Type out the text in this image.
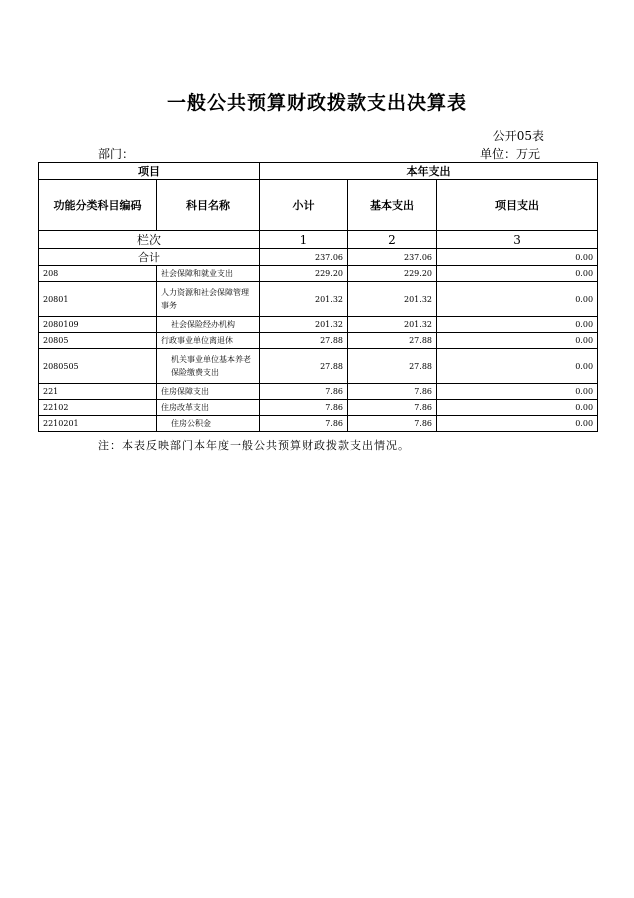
一般公共预算财政拨款支出决算表
公开05表
部门：	单位：万元
项目		本年支出		
功能分类科目编码	科目名称	小计	基本支出	项目支出
栏次		1	2	3
合计		237.06	237.06	0.00
208	社会保障和就业支出	229.20	229.20	0.00
20801	人力资源和社会保障管理事务	201.32	201.32	0.00
2080109	社会保险经办机构	201.32	201.32	0.00
20805	行政事业单位离退休	27.88	27.88	0.00
2080505	机关事业单位基本养老保险缴费支出	27.88	27.88	0.00
221	住房保障支出	7.86	7.86	0.00
22102	住房改革支出	7.86	7.86	0.00
2210201	住房公积金	7.86	7.86	0.00
注：本表反映部门本年度一般公共预算财政拨款支出情况。
